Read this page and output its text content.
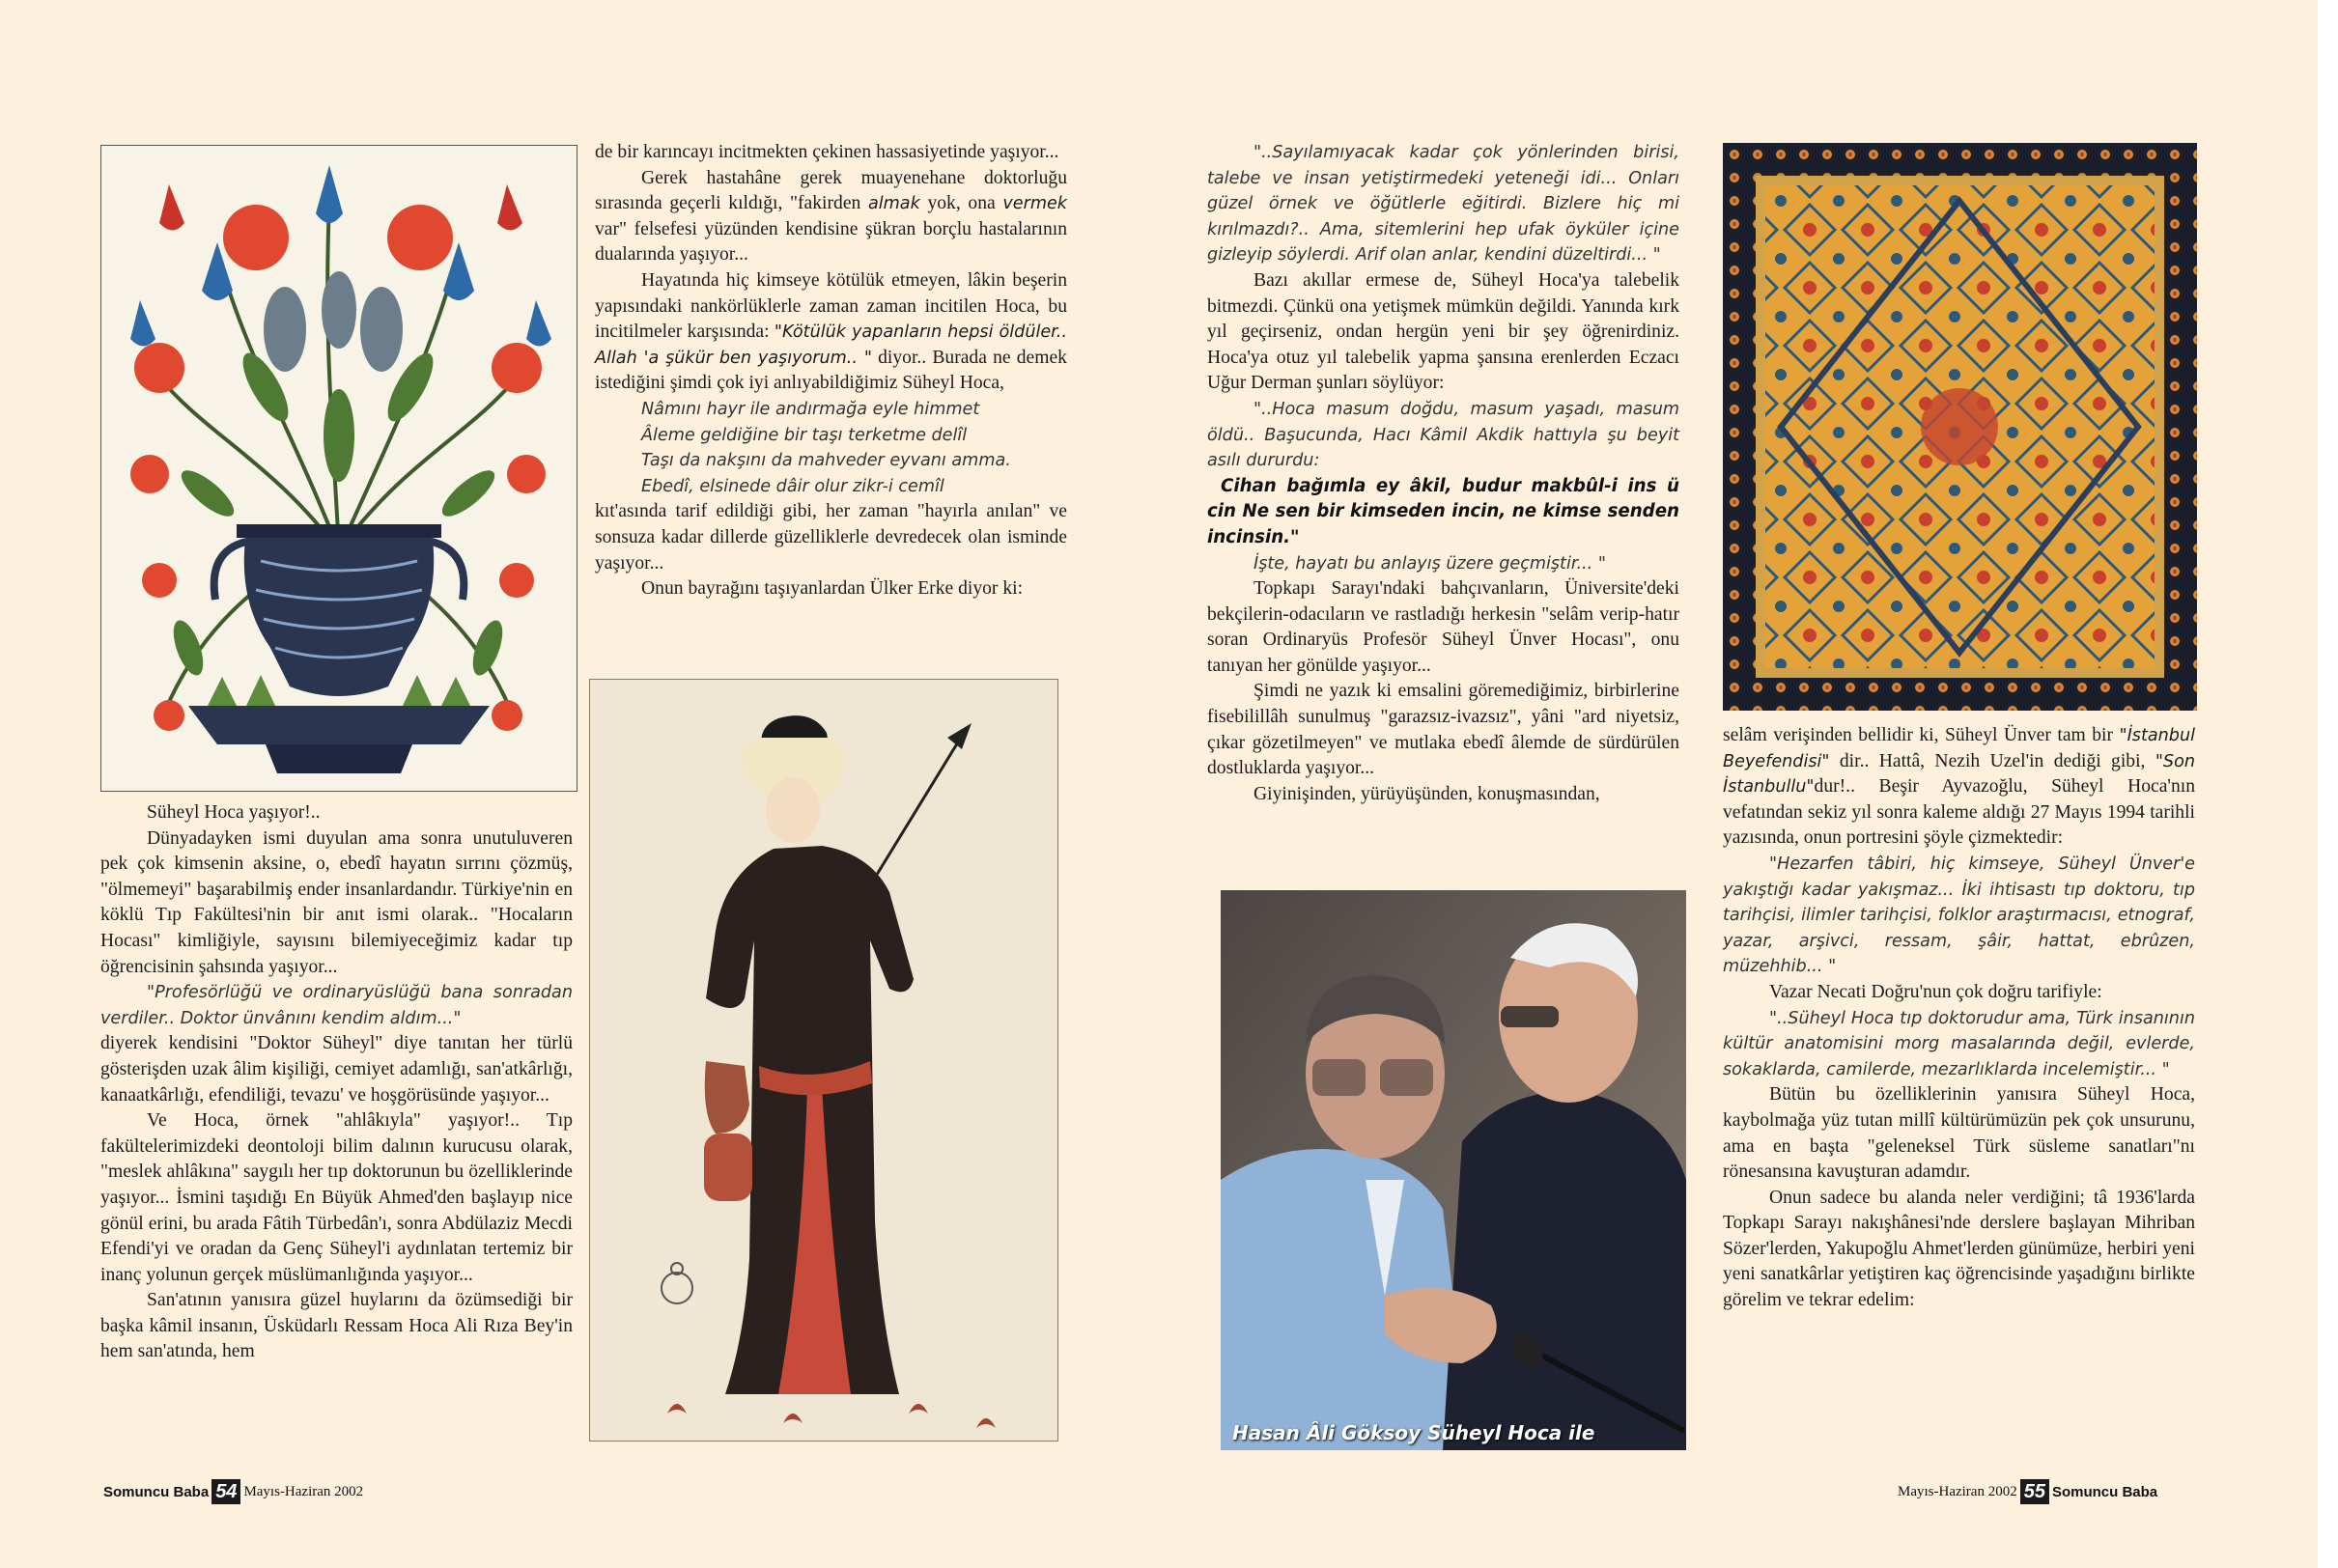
Süheyl Hoca yaşıyor!..

Dünyadayken ismi duyulan ama sonra unutuluveren pek çok kimsenin aksine, o, ebedî hayatın sırrını çözmüş, "ölmemeyi" başarabilmiş ender insanlardandır. Türkiye'nin en köklü Tıp Fakültesi'nin bir anıt ismi olarak.. "Hocaların Hocası" kimliğiyle, sayısını bilemiyeceğimiz kadar tıp öğrencisinin şahsında yaşıyor...

"Profesörlüğü ve ordinaryüslüğü bana sonradan verdiler.. Doktor ünvânını kendim aldım..."

diyerek kendisini "Doktor Süheyl" diye tanıtan her türlü gösterişden uzak âlim kişiliği, cemiyet adamlığı, san'atkârlığı, kanaatkârlığı, efendiliği, tevazu' ve hoşgörüsünde yaşıyor...

Ve Hoca, örnek "ahlâkıyla" yaşıyor!.. Tıp fakültelerimizdeki deontoloji bilim dalının kurucusu olarak, "meslek ahlâkına" saygılı her tıp doktorunun bu özelliklerinde yaşıyor... İsmini taşıdığı En Büyük Ahmed'den başlayıp nice gönül erini, bu arada Fâtih Türbedân'ı, sonra Abdülaziz Mecdi Efendi'yi ve oradan da Genç Süheyl'i aydınlatan tertemiz bir inanç yolunun gerçek müslümanlığında yaşıyor...

San'atının yanısıra güzel huylarını da özümsediği bir başka kâmil insanın, Üsküdarlı Ressam Hoca Ali Rıza Bey'in hem san'atında, hem

de bir karıncayı incitmekten çekinen hassasiyetinde yaşıyor...

Gerek hastahâne gerek muayenehane doktorluğu sırasında geçerli kıldığı, "fakirden almak yok, ona vermek var" felsefesi yüzünden kendisine şükran borçlu hastalarının dualarında yaşıyor...

Hayatında hiç kimseye kötülük etmeyen, lâkin beşerin yapısındaki nankörlüklerle zaman zaman incitilen Hoca, bu incitilmeler karşısında: "Kötülük yapanların hepsi öldüler.. Allah 'a şükür ben yaşıyorum.. " diyor.. Burada ne demek istediğini şimdi çok iyi anlıyabildiğimiz Süheyl Hoca,

Nâmını hayr ile andırmağa eyle himmet

Âleme geldiğine bir taşı terketme delîl

Taşı da nakşını da mahveder eyvanı amma.

Ebedî, elsinede dâir olur zikr-i cemîl

kıt'asında tarif edildiği gibi, her zaman "hayırla anılan" ve sonsuza kadar dillerde güzelliklerle devredecek olan isminde yaşıyor...

Onun bayrağını taşıyanlardan Ülker Erke diyor ki:

"..Sayılamıyacak kadar çok yönlerinden birisi, talebe ve insan yetiştirmedeki yeteneği idi... Onları güzel örnek ve öğütlerle eğitirdi. Bizlere hiç mi kırılmazdı?.. Ama, sitemlerini hep ufak öyküler içine gizleyip söylerdi. Arif olan anlar, kendini düzeltirdi... "

Bazı akıllar ermese de, Süheyl Hoca'ya talebelik bitmezdi. Çünkü ona yetişmek mümkün değildi. Yanında kırk yıl geçirseniz, ondan hergün yeni bir şey öğrenirdiniz. Hoca'ya otuz yıl talebelik yapma şansına erenlerden Eczacı Uğur Derman şunları söylüyor:

"..Hoca masum doğdu, masum yaşadı, masum öldü.. Başucunda, Hacı Kâmil Akdik hattıyla şu beyit asılı dururdu:

Cihan bağımla ey âkil, budur makbûl-i ins ü cin Ne sen bir kimseden incin, ne kimse senden incinsin."

İşte, hayatı bu anlayış üzere geçmiştir... "

Topkapı Sarayı'ndaki bahçıvanların, Üniversite'deki bekçilerin-odacıların ve rastladığı herkesin "selâm verip-hatır soran Ordinaryüs Profesör Süheyl Ünver Hocası", onu tanıyan her gönülde yaşıyor...

Şimdi ne yazık ki emsalini göremediğimiz, birbirlerine fisebilillâh sunulmuş "garazsız-ivazsız", yâni "ard niyetsiz, çıkar gözetilmeyen" ve mutlaka ebedî âlemde de sürdürülen dostluklarda yaşıyor...

Giyinişinden, yürüyüşünden, konuşmasından,

Hasan Âli Göksoy Süheyl Hoca ile

selâm verişinden bellidir ki, Süheyl Ünver tam bir "İstanbul Beyefendisi" dir.. Hattâ, Nezih Uzel'in dediği gibi, "Son İstanbullu"dur!.. Beşir Ayvazoğlu, Süheyl Hoca'nın vefatından sekiz yıl sonra kaleme aldığı 27 Mayıs 1994 tarihli yazısında, onun portresini şöyle çizmektedir:

"Hezarfen tâbiri, hiç kimseye, Süheyl Ünver'e yakıştığı kadar yakışmaz... İki ihtisastı tıp doktoru, tıp tarihçisi, ilimler tarihçisi, folklor araştırmacısı, etnograf, yazar, arşivci, ressam, şâir, hattat, ebrûzen, müzehhib... "

Vazar Necati Doğru'nun çok doğru tarifiyle:

"..Süheyl Hoca tıp doktorudur ama, Türk insanının kültür anatomisini morg masalarında değil, evlerde, sokaklarda, camilerde, mezarlıklarda incelemiştir... "

Bütün bu özelliklerinin yanısıra Süheyl Hoca, kaybolmağa yüz tutan millî kültürümüzün pek çok unsurunu, ama en başta "geleneksel Türk süsleme sanatları"nı rönesansına kavuşturan adamdır.

Onun sadece bu alanda neler verdiğini; tâ 1936'larda Topkapı Sarayı nakışhânesi'nde derslere başlayan Mihriban Sözer'lerden, Yakupoğlu Ahmet'lerden günümüze, herbiri yeni yeni sanatkârlar yetiştiren kaç öğrencisinde yaşadığını birlikte görelim ve tekrar edelim:

Somuncu Baba 54 Mayıs-Haziran 2002	Mayıs-Haziran 2002 55 Somuncu Baba
